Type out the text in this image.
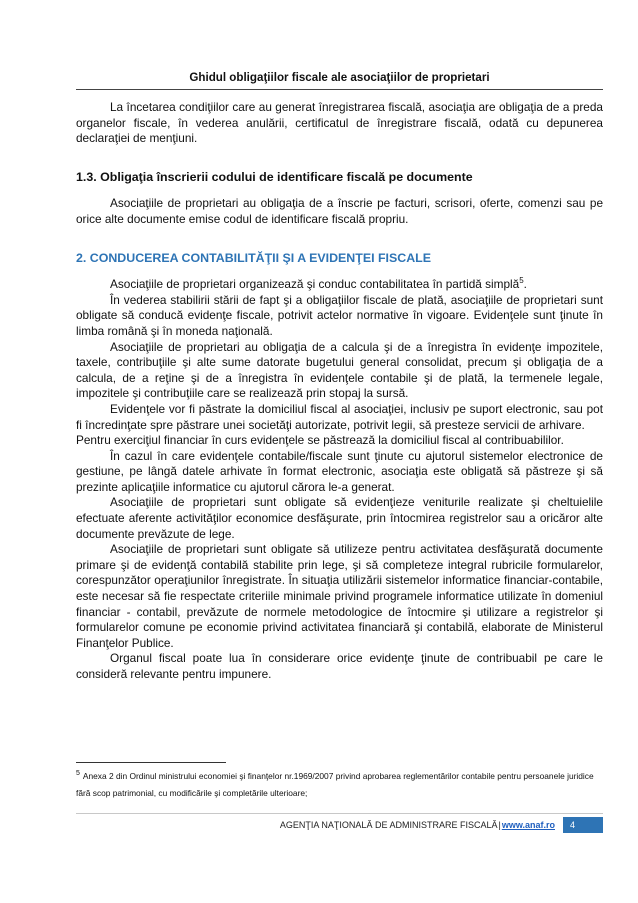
Ghidul obligaţiilor fiscale ale asociaţiilor de proprietari

La încetarea condiţiilor care au generat înregistrarea fiscală, asociaţia are obligaţia de a preda organelor fiscale, în vederea anulării, certificatul de înregistrare fiscală, odată cu depunerea declaraţiei de menţiuni.

1.3. Obligaţia înscrierii codului de identificare fiscală pe documente

Asociaţiile de proprietari au obligaţia de a înscrie pe facturi, scrisori, oferte, comenzi sau pe orice alte documente emise codul de identificare fiscală propriu.

2. CONDUCEREA CONTABILITĂŢII ŞI A EVIDENŢEI FISCALE

Asociaţiile de proprietari organizează şi conduc contabilitatea în partidă simplă$^5$.

În vederea stabilirii stării de fapt şi a obligaţiilor fiscale de plată, asociaţiile de proprietari sunt obligate să conducă evidenţe fiscale, potrivit actelor normative în vigoare. Evidenţele sunt ţinute în limba română şi în moneda naţională.

Asociaţiile de proprietari au obligaţia de a calcula şi de a înregistra în evidenţe impozitele, taxele, contribuţiile şi alte sume datorate bugetului general consolidat, precum şi obligaţia de a calcula, de a reţine şi de a înregistra în evidenţele contabile şi de plată, la termenele legale, impozitele şi contribuţiile care se realizează prin stopaj la sursă.

Evidenţele vor fi păstrate la domiciliul fiscal al asociaţiei, inclusiv pe suport electronic, sau pot fi încredinţate spre păstrare unei societăţi autorizate, potrivit legii, să presteze servicii de arhivare.

Pentru exerciţiul financiar în curs evidenţele se păstrează la domiciliul fiscal al contribuabililor.

În cazul în care evidenţele contabile/fiscale sunt ţinute cu ajutorul sistemelor electronice de gestiune, pe lângă datele arhivate în format electronic, asociaţia este obligată să păstreze şi să prezinte aplicaţiile informatice cu ajutorul cărora le-a generat.

Asociaţiile de proprietari sunt obligate să evidenţieze veniturile realizate şi cheltuielile efectuate aferente activităţilor economice desfăşurate, prin întocmirea registrelor sau a oricăror alte documente prevăzute de lege.

Asociaţiile de proprietari sunt obligate să utilizeze pentru activitatea desfăşurată documente primare şi de evidenţă contabilă stabilite prin lege, şi să completeze integral rubricile formularelor, corespunzător operaţiunilor înregistrate. În situaţia utilizării sistemelor informatice financiar-contabile, este necesar să fie respectate criteriile minimale privind programele informatice utilizate în domeniul financiar - contabil, prevăzute de normele metodologice de întocmire şi utilizare a registrelor şi formularelor comune pe economie privind activitatea financiară şi contabilă, elaborate de Ministerul Finanţelor Publice.

Organul fiscal poate lua în considerare orice evidenţe ţinute de contribuabil pe care le consideră relevante pentru impunere.

$^5$ Anexa 2 din Ordinul ministrului economiei şi finanţelor nr.1969/2007 privind aprobarea reglementărilor contabile pentru persoanele juridice fără scop patrimonial, cu modificările şi completările ulterioare;
AGENŢIA NAŢIONALĂ DE ADMINISTRARE FISCALĂ | www.anaf.ro	4
